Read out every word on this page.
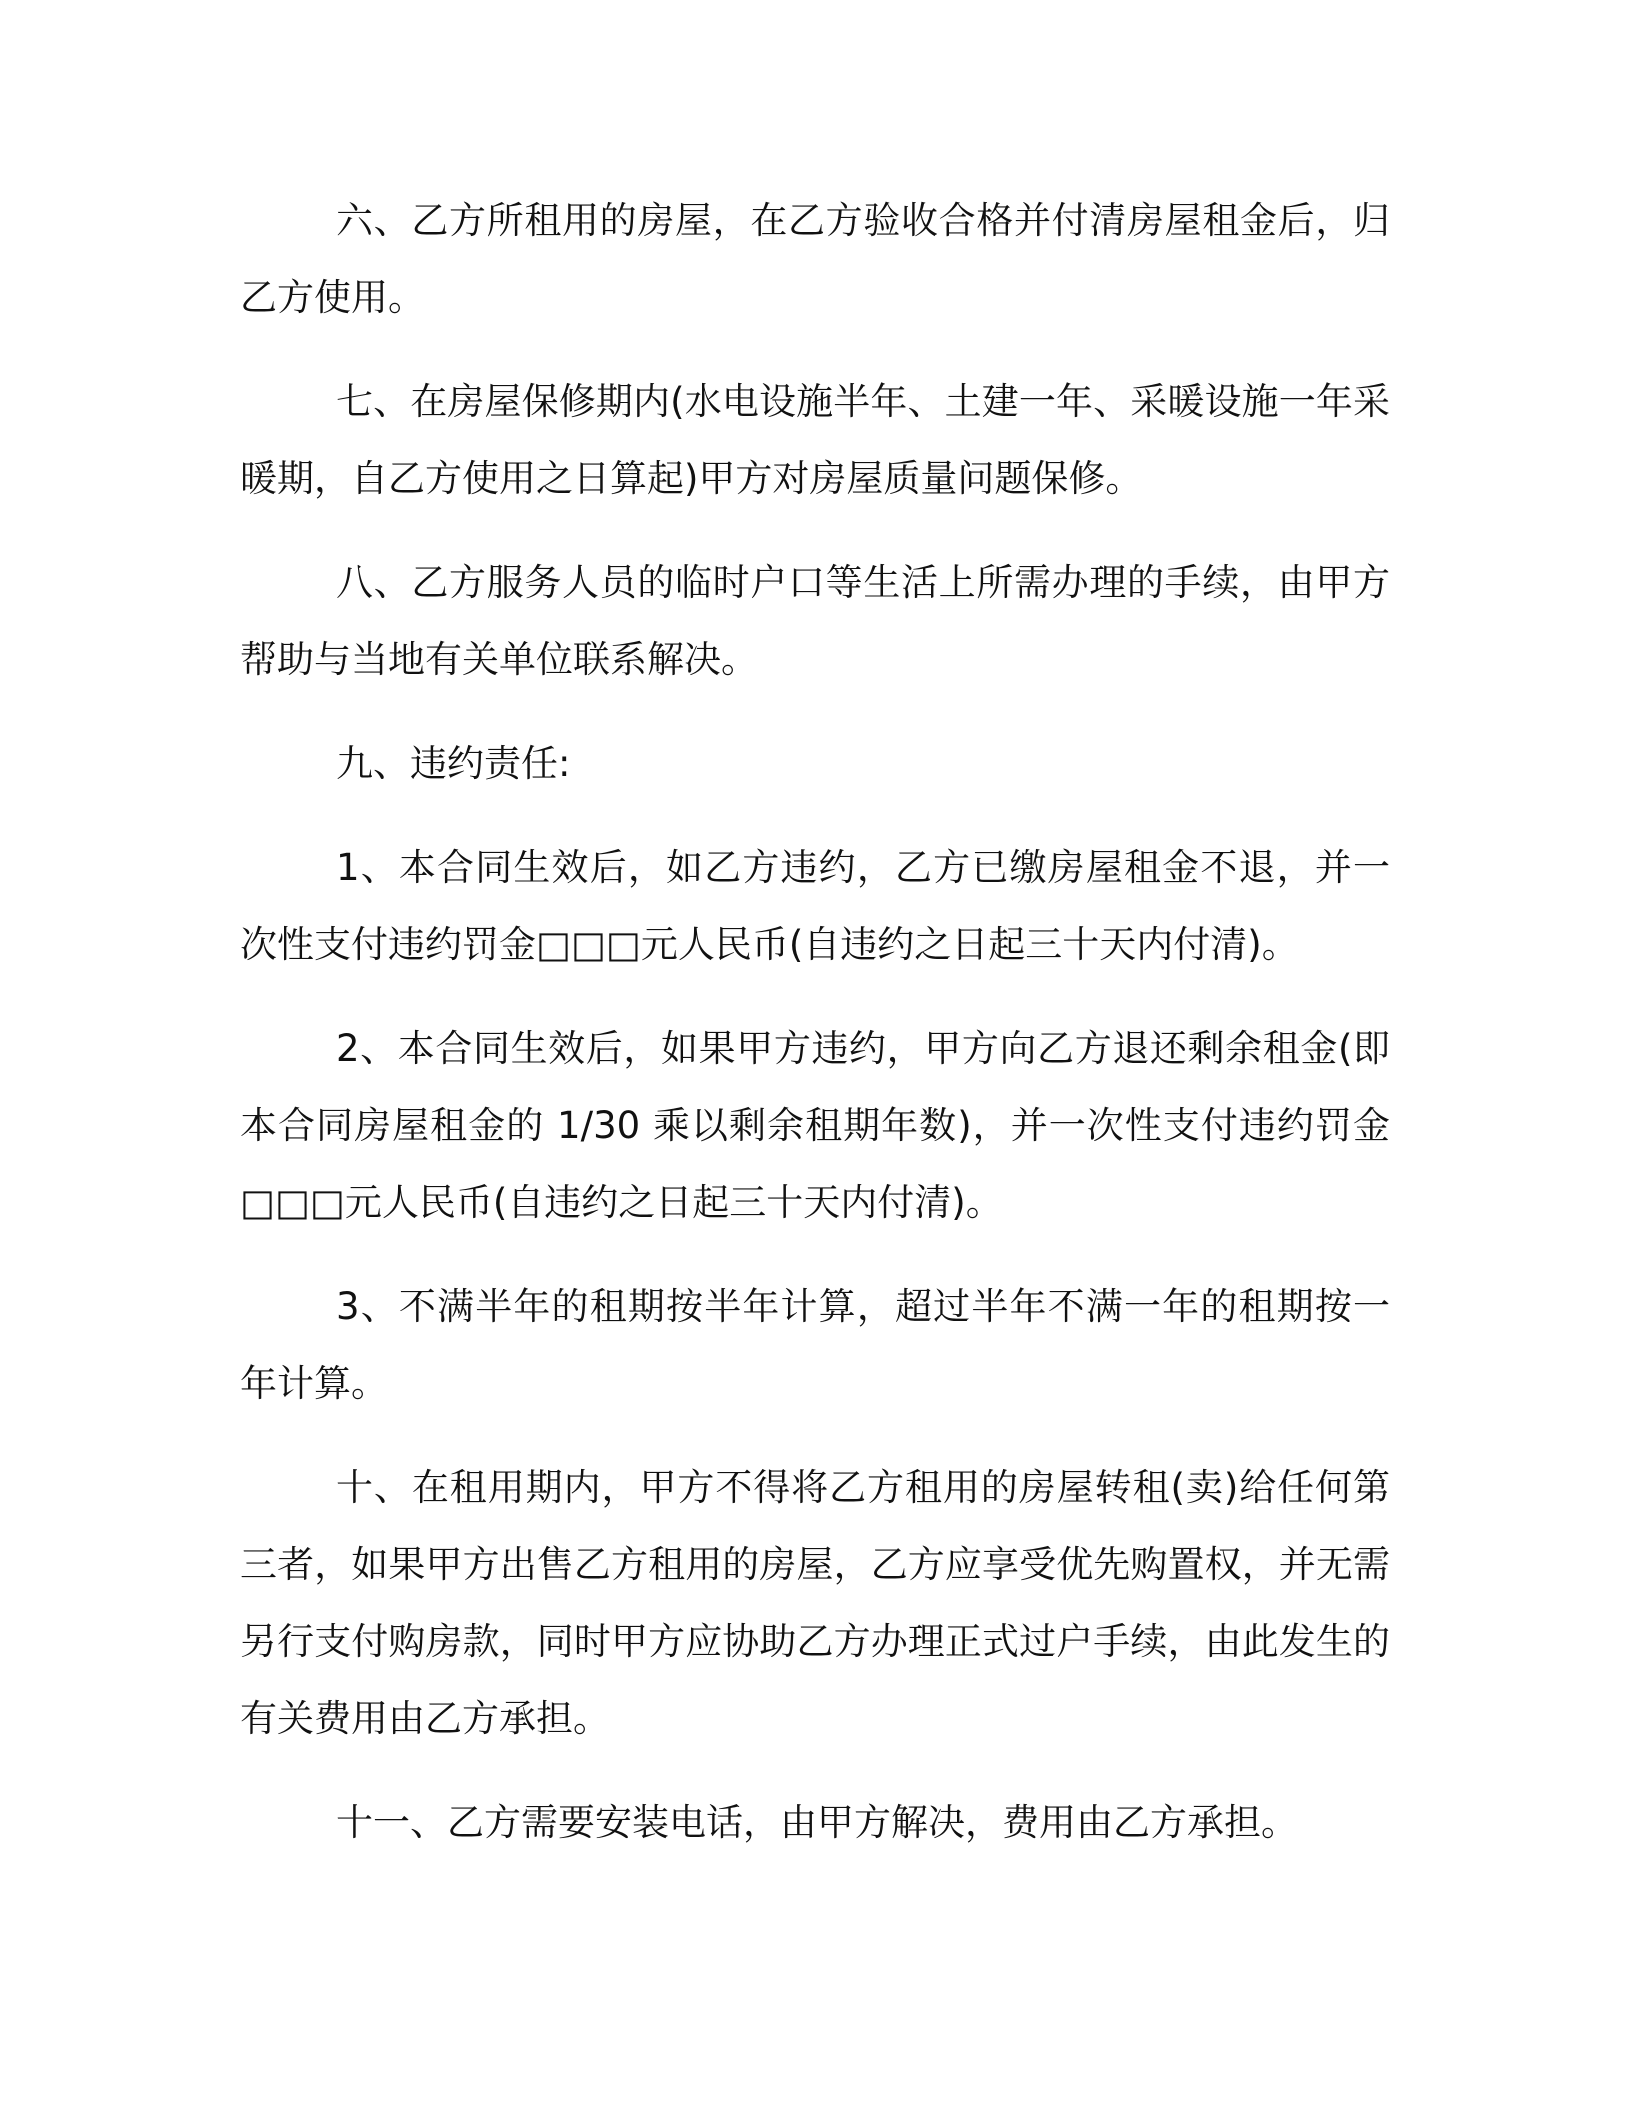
六、乙方所租用的房屋，在乙方验收合格并付清房屋租金后，归乙方使用。

七、在房屋保修期内(水电设施半年、土建一年、采暖设施一年采暖期，自乙方使用之日算起)甲方对房屋质量问题保修。

八、乙方服务人员的临时户口等生活上所需办理的手续，由甲方帮助与当地有关单位联系解决。

九、违约责任:

1、本合同生效后，如乙方违约，乙方已缴房屋租金不退，并一次性支付违约罚金□□□元人民币(自违约之日起三十天内付清)。

2、本合同生效后，如果甲方违约，甲方向乙方退还剩余租金(即本合同房屋租金的 1/30 乘以剩余租期年数)，并一次性支付违约罚金□□□元人民币(自违约之日起三十天内付清)。

3、不满半年的租期按半年计算，超过半年不满一年的租期按一年计算。

十、在租用期内，甲方不得将乙方租用的房屋转租(卖)给任何第三者，如果甲方出售乙方租用的房屋，乙方应享受优先购置权，并无需另行支付购房款，同时甲方应协助乙方办理正式过户手续，由此发生的有关费用由乙方承担。

十一、乙方需要安装电话，由甲方解决，费用由乙方承担。
